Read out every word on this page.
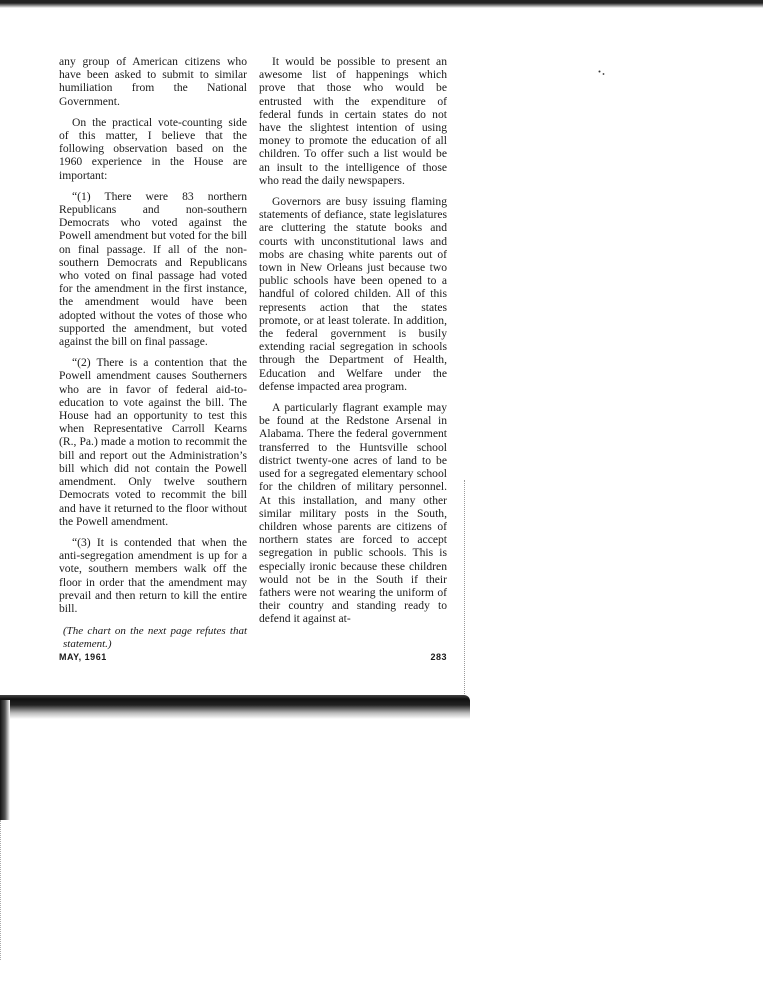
any group of American citizens who have been asked to submit to similar humiliation from the National Government.

On the practical vote-counting side of this matter, I believe that the following observation based on the 1960 experience in the House are important:

“(1) There were 83 northern Republicans and non-southern Democrats who voted against the Powell amendment but voted for the bill on final passage. If all of the non-southern Democrats and Republicans who voted on final passage had voted for the amendment in the first instance, the amendment would have been adopted without the votes of those who supported the amendment, but voted against the bill on final passage.

“(2) There is a contention that the Powell amendment causes Southerners who are in favor of federal aid-to-education to vote against the bill. The House had an opportunity to test this when Representative Carroll Kearns (R., Pa.) made a motion to recommit the bill and report out the Administration’s bill which did not contain the Powell amendment. Only twelve southern Democrats voted to recommit the bill and have it returned to the floor without the Powell amendment.

“(3) It is contended that when the anti-segregation amendment is up for a vote, southern members walk off the floor in order that the amendment may prevail and then return to kill the entire bill.

(The chart on the next page refutes that statement.)

It would be possible to present an awesome list of happenings which prove that those who would be entrusted with the expenditure of federal funds in certain states do not have the slightest intention of using money to promote the education of all children. To offer such a list would be an insult to the intelligence of those who read the daily newspapers.

Governors are busy issuing flaming statements of defiance, state legislatures are cluttering the statute books and courts with unconstitutional laws and mobs are chasing white parents out of town in New Orleans just because two public schools have been opened to a handful of colored childen. All of this represents action that the states promote, or at least tolerate. In addition, the federal government is busily extending racial segregation in schools through the Department of Health, Education and Welfare under the defense impacted area program.

A particularly flagrant example may be found at the Redstone Arsenal in Alabama. There the federal government transferred to the Huntsville school district twenty-one acres of land to be used for a segregated elementary school for the children of military personnel. At this installation, and many other similar military posts in the South, children whose parents are citizens of northern states are forced to accept segregation in public schools. This is especially ironic because these children would not be in the South if their fathers were not wearing the uniform of their country and standing ready to defend it against at-

MAY, 1961	283
